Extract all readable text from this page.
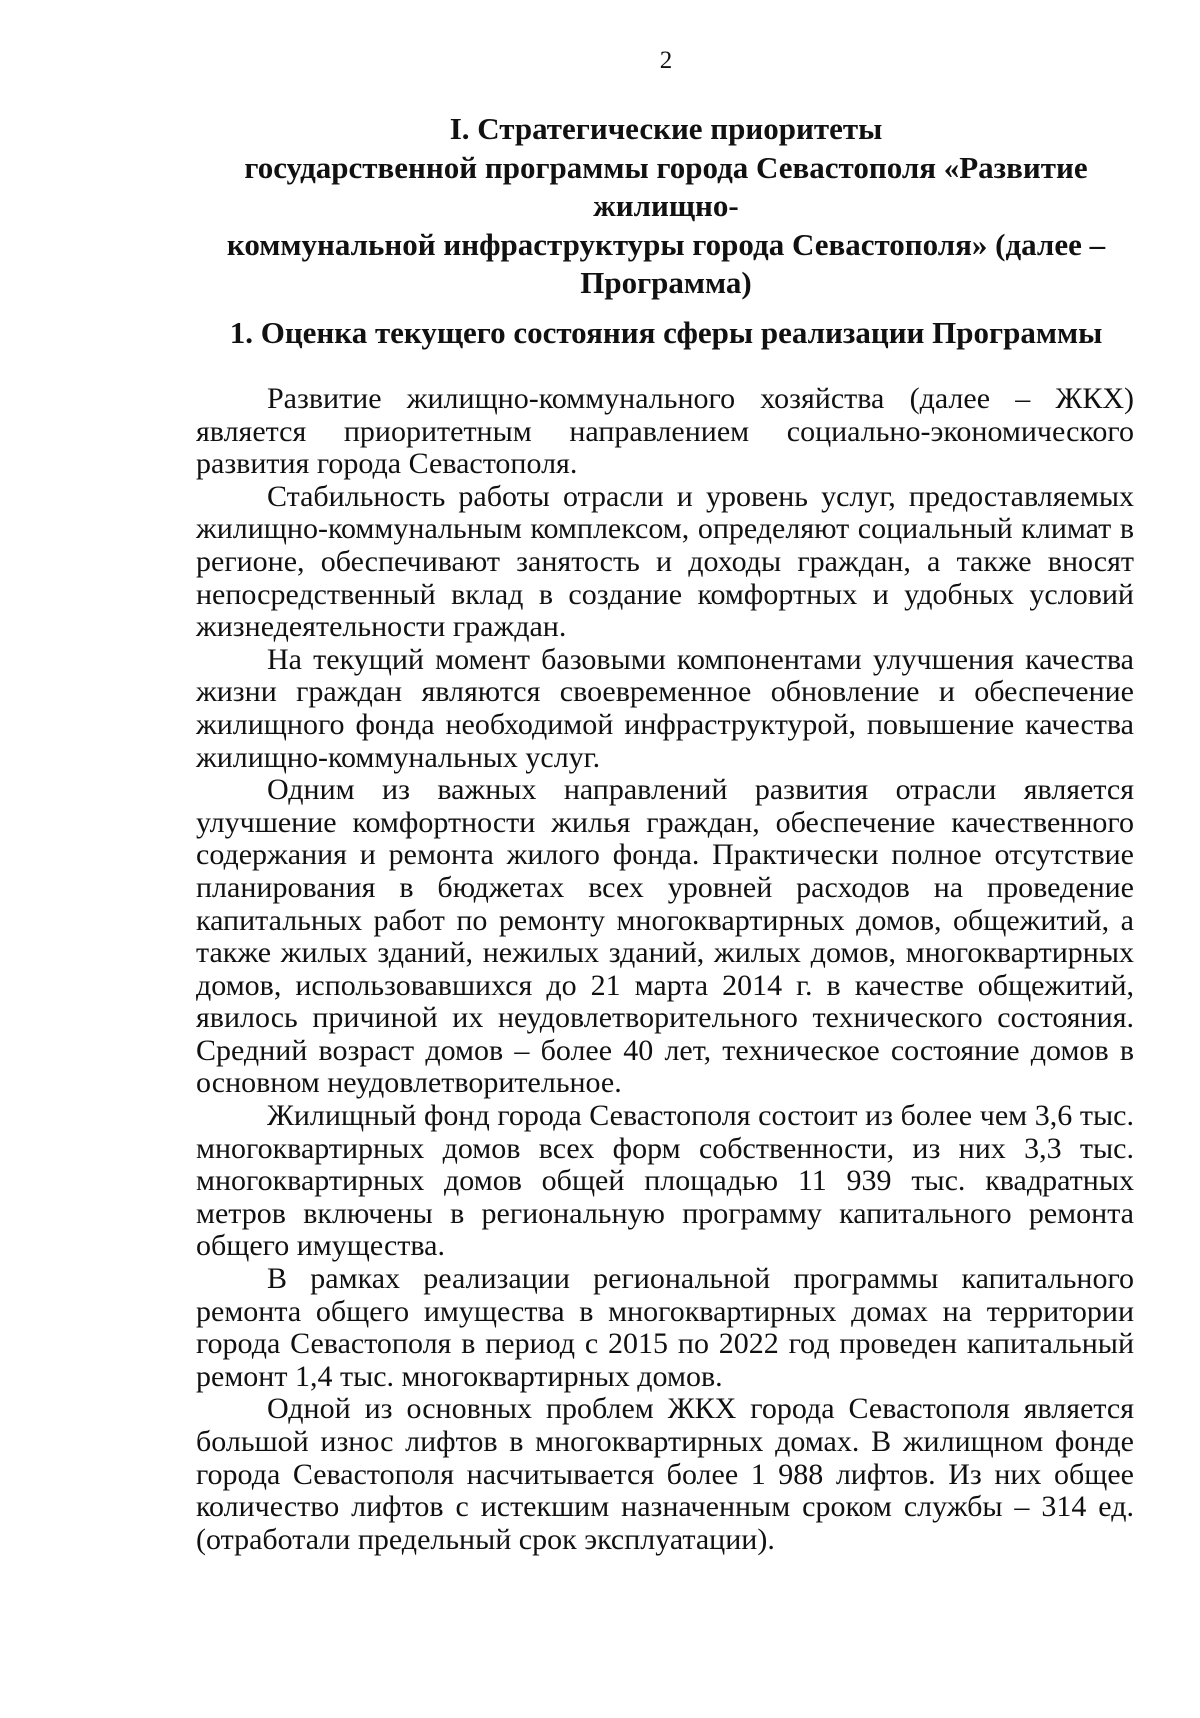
2
I. Стратегические приоритеты
государственной программы города Севастополя «Развитие жилищно-
коммунальной инфраструктуры города Севастополя» (далее –
Программа)
1. Оценка текущего состояния сферы реализации Программы

Развитие жилищно-коммунального хозяйства (далее – ЖКХ) является приоритетным направлением социально-экономического развития города Севастополя.

Стабильность работы отрасли и уровень услуг, предоставляемых жилищно-коммунальным комплексом, определяют социальный климат в регионе, обеспечивают занятость и доходы граждан, а также вносят непосредственный вклад в создание комфортных и удобных условий жизнедеятельности граждан.

На текущий момент базовыми компонентами улучшения качества жизни граждан являются своевременное обновление и обеспечение жилищного фонда необходимой инфраструктурой, повышение качества жилищно-коммунальных услуг.

Одним из важных направлений развития отрасли является улучшение комфортности жилья граждан, обеспечение качественного содержания и ремонта жилого фонда. Практически полное отсутствие планирования в бюджетах всех уровней расходов на проведение капитальных работ по ремонту многоквартирных домов, общежитий, а также жилых зданий, нежилых зданий, жилых домов, многоквартирных домов, использовавшихся до 21 марта 2014 г. в качестве общежитий, явилось причиной их неудовлетворительного технического состояния. Средний возраст домов – более 40 лет, техническое состояние домов в основном неудовлетворительное.

Жилищный фонд города Севастополя состоит из более чем 3,6 тыс. многоквартирных домов всех форм собственности, из них 3,3 тыс. многоквартирных домов общей площадью 11 939 тыс. квадратных метров включены в региональную программу капитального ремонта общего имущества.

В рамках реализации региональной программы капитального ремонта общего имущества в многоквартирных домах на территории города Севастополя в период с 2015 по 2022 год проведен капитальный ремонт 1,4 тыс. многоквартирных домов.

Одной из основных проблем ЖКХ города Севастополя является большой износ лифтов в многоквартирных домах. В жилищном фонде города Севастополя насчитывается более 1 988 лифтов. Из них общее количество лифтов с истекшим назначенным сроком службы – 314 ед. (отработали предельный срок эксплуатации).
